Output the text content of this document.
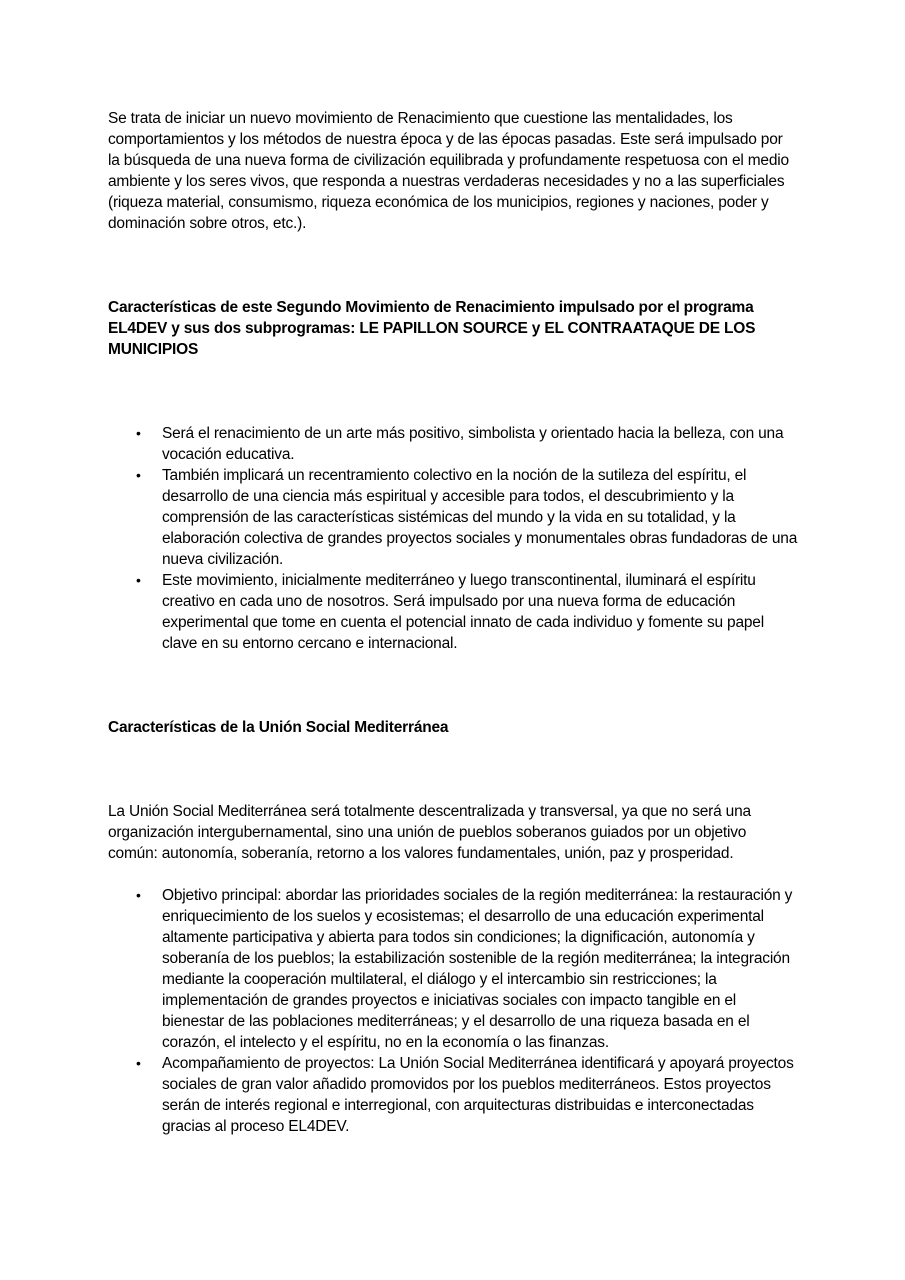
Se trata de iniciar un nuevo movimiento de Renacimiento que cuestione las mentalidades, los comportamientos y los métodos de nuestra época y de las épocas pasadas. Este será impulsado por la búsqueda de una nueva forma de civilización equilibrada y profundamente respetuosa con el medio ambiente y los seres vivos, que responda a nuestras verdaderas necesidades y no a las superficiales (riqueza material, consumismo, riqueza económica de los municipios, regiones y naciones, poder y dominación sobre otros, etc.).

Características de este Segundo Movimiento de Renacimiento impulsado por el programa EL4DEV y sus dos subprogramas: LE PAPILLON SOURCE y EL CONTRAATAQUE DE LOS MUNICIPIOS
• Será el renacimiento de un arte más positivo, simbolista y orientado hacia la belleza, con una vocación educativa.
• También implicará un recentramiento colectivo en la noción de la sutileza del espíritu, el desarrollo de una ciencia más espiritual y accesible para todos, el descubrimiento y la comprensión de las características sistémicas del mundo y la vida en su totalidad, y la elaboración colectiva de grandes proyectos sociales y monumentales obras fundadoras de una nueva civilización.
• Este movimiento, inicialmente mediterráneo y luego transcontinental, iluminará el espíritu creativo en cada uno de nosotros. Será impulsado por una nueva forma de educación experimental que tome en cuenta el potencial innato de cada individuo y fomente su papel clave en su entorno cercano e internacional.
Características de la Unión Social Mediterránea

La Unión Social Mediterránea será totalmente descentralizada y transversal, ya que no será una organización intergubernamental, sino una unión de pueblos soberanos guiados por un objetivo común: autonomía, soberanía, retorno a los valores fundamentales, unión, paz y prosperidad.

• Objetivo principal: abordar las prioridades sociales de la región mediterránea: la restauración y enriquecimiento de los suelos y ecosistemas; el desarrollo de una educación experimental altamente participativa y abierta para todos sin condiciones; la dignificación, autonomía y soberanía de los pueblos; la estabilización sostenible de la región mediterránea; la integración mediante la cooperación multilateral, el diálogo y el intercambio sin restricciones; la implementación de grandes proyectos e iniciativas sociales con impacto tangible en el bienestar de las poblaciones mediterráneas; y el desarrollo de una riqueza basada en el corazón, el intelecto y el espíritu, no en la economía o las finanzas.
• Acompañamiento de proyectos: La Unión Social Mediterránea identificará y apoyará proyectos sociales de gran valor añadido promovidos por los pueblos mediterráneos. Estos proyectos serán de interés regional e interregional, con arquitecturas distribuidas e interconectadas gracias al proceso EL4DEV.
